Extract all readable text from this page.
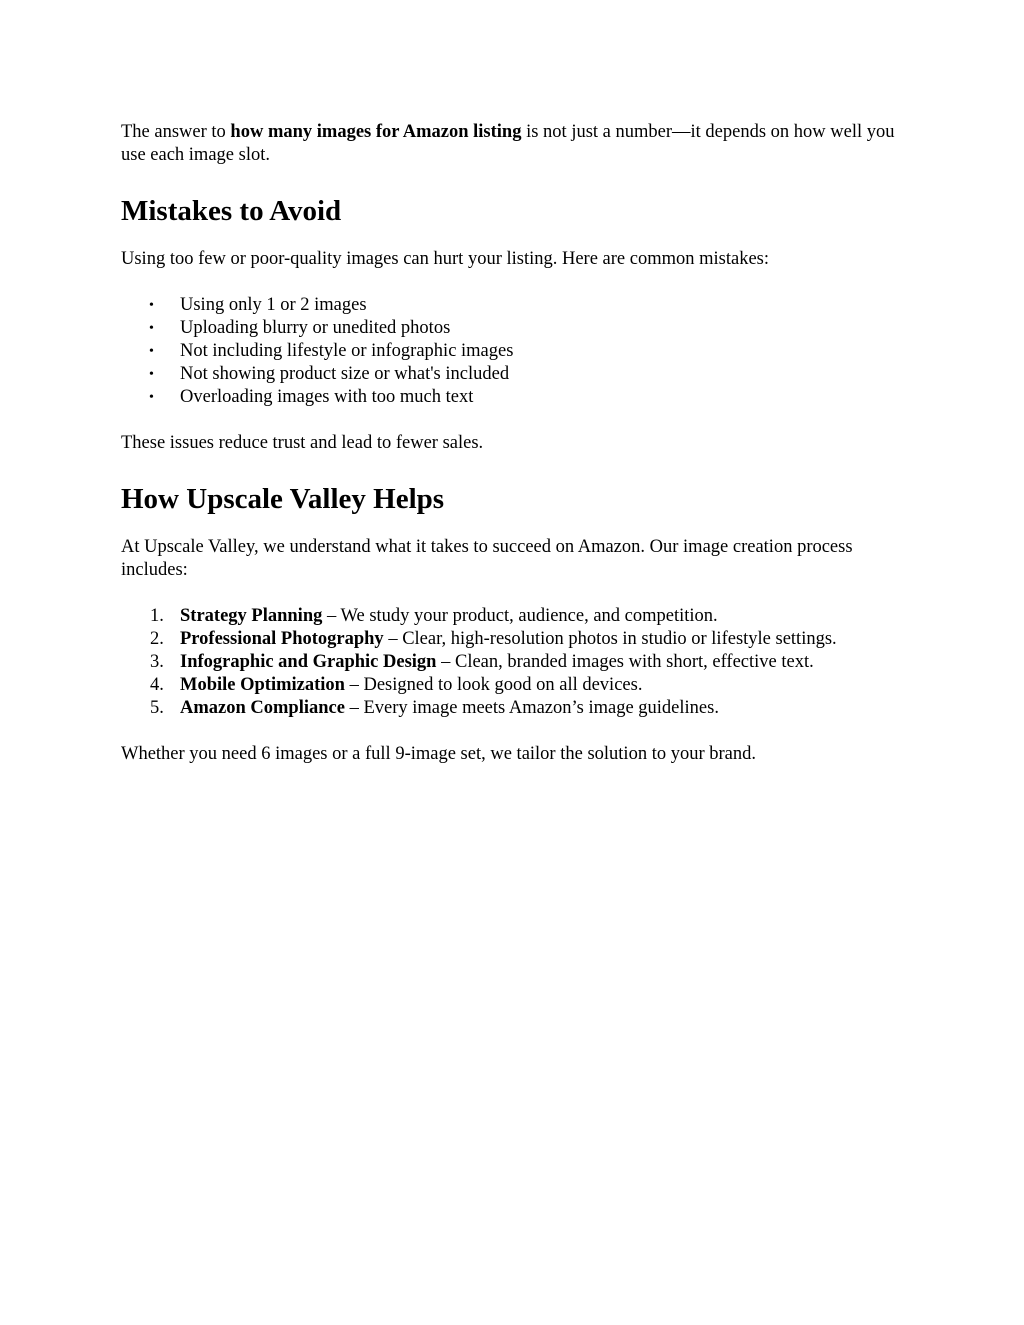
The answer to how many images for Amazon listing is not just a number—it depends on how well you use each image slot.

Mistakes to Avoid

Using too few or poor-quality images can hurt your listing. Here are common mistakes:

• Using only 1 or 2 images
• Uploading blurry or unedited photos
• Not including lifestyle or infographic images
• Not showing product size or what's included
• Overloading images with too much text

These issues reduce trust and lead to fewer sales.

How Upscale Valley Helps

At Upscale Valley, we understand what it takes to succeed on Amazon. Our image creation process includes:

1. Strategy Planning – We study your product, audience, and competition.
2. Professional Photography – Clear, high-resolution photos in studio or lifestyle settings.
3. Infographic and Graphic Design – Clean, branded images with short, effective text.
4. Mobile Optimization – Designed to look good on all devices.
5. Amazon Compliance – Every image meets Amazon’s image guidelines.

Whether you need 6 images or a full 9-image set, we tailor the solution to your brand.
